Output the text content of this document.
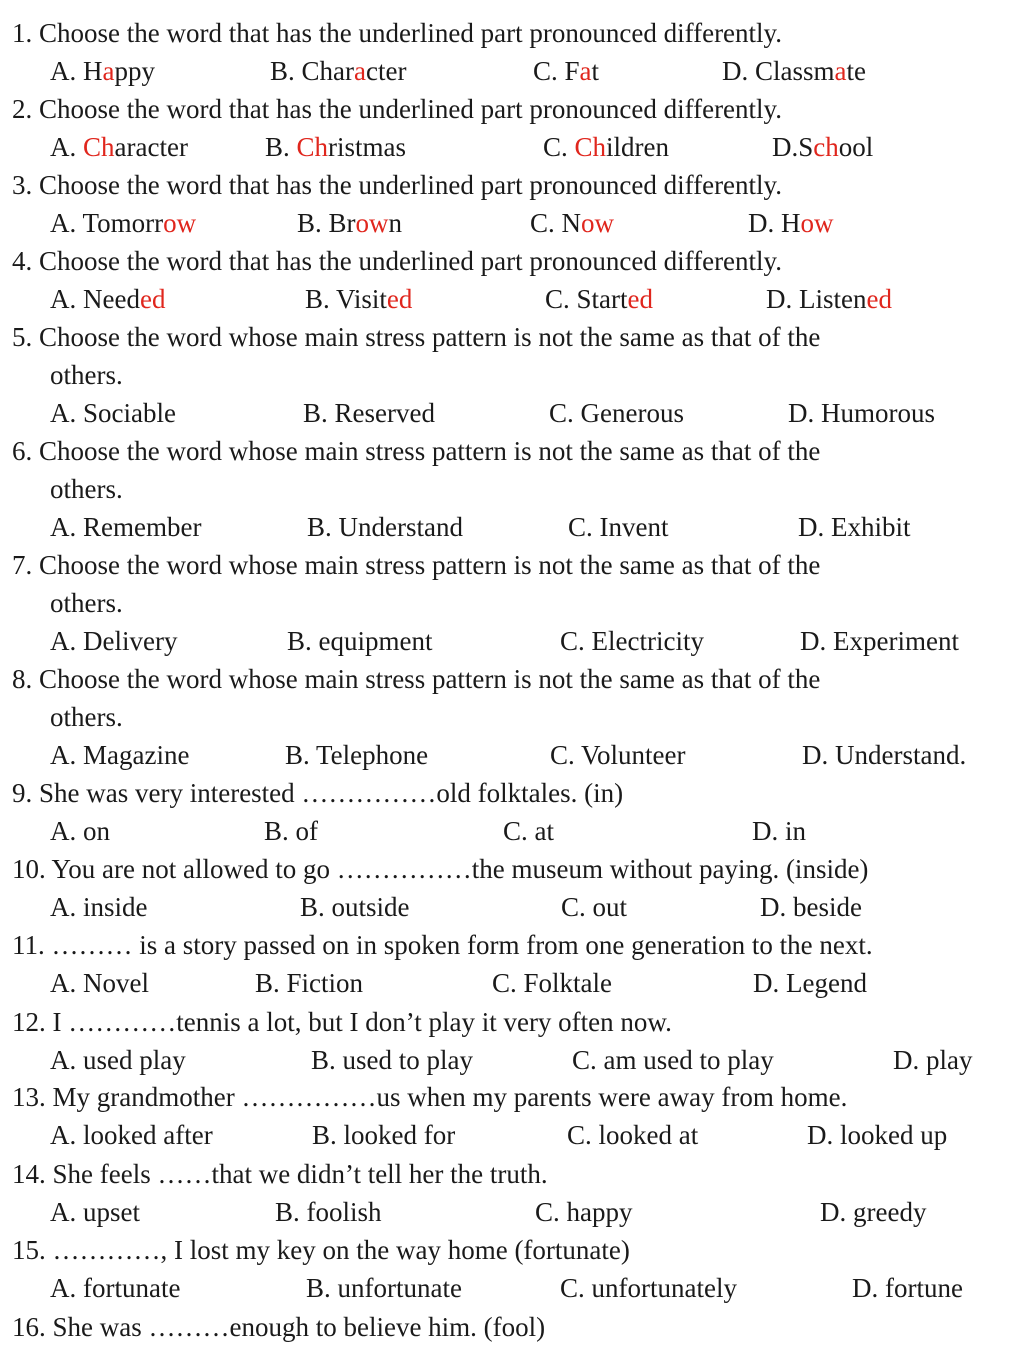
1. Choose the word that has the underlined part pronounced differently.
A. Happy	B. Character	C. Fat	D. Classmate
2. Choose the word that has the underlined part pronounced differently.
A. Character	B. Christmas	C. Children	D.School
3. Choose the word that has the underlined part pronounced differently.
A. Tomorrow	B. Brown	C. Now	D. How
4. Choose the word that has the underlined part pronounced differently.
A. Needed	B. Visited	C. Started	D. Listened
5. Choose the word whose main stress pattern is not the same as that of the
others.
A. Sociable	B. Reserved	C. Generous	D. Humorous
6. Choose the word whose main stress pattern is not the same as that of the
others.
A. Remember	B. Understand	C. Invent	D. Exhibit
7. Choose the word whose main stress pattern is not the same as that of the
others.
A. Delivery	B. equipment	C. Electricity	D. Experiment
8. Choose the word whose main stress pattern is not the same as that of the
others.
A. Magazine	B. Telephone	C. Volunteer	D. Understand.
9. She was very interested ……………old folktales. (in)
A. on	B. of	C. at	D. in
10. You are not allowed to go ……………the museum without paying. (inside)
A. inside	B. outside	C. out	D. beside
11. ……… is a story passed on in spoken form from one generation to the next.
A. Novel	B. Fiction	C. Folktale	D. Legend
12. I …………tennis a lot, but I don’t play it very often now.
A. used play	B. used to play	C. am used to play	D. play
13. My grandmother ……………us when my parents were away from home.
A. looked after	B. looked for	C. looked at	D. looked up
14. She feels ……that we didn’t tell her the truth.
A. upset	B. foolish	C. happy	D. greedy
15. …………, I lost my key on the way home (fortunate)
A. fortunate	B. unfortunate	C. unfortunately	D. fortune
16. She was ………enough to believe him. (fool)
